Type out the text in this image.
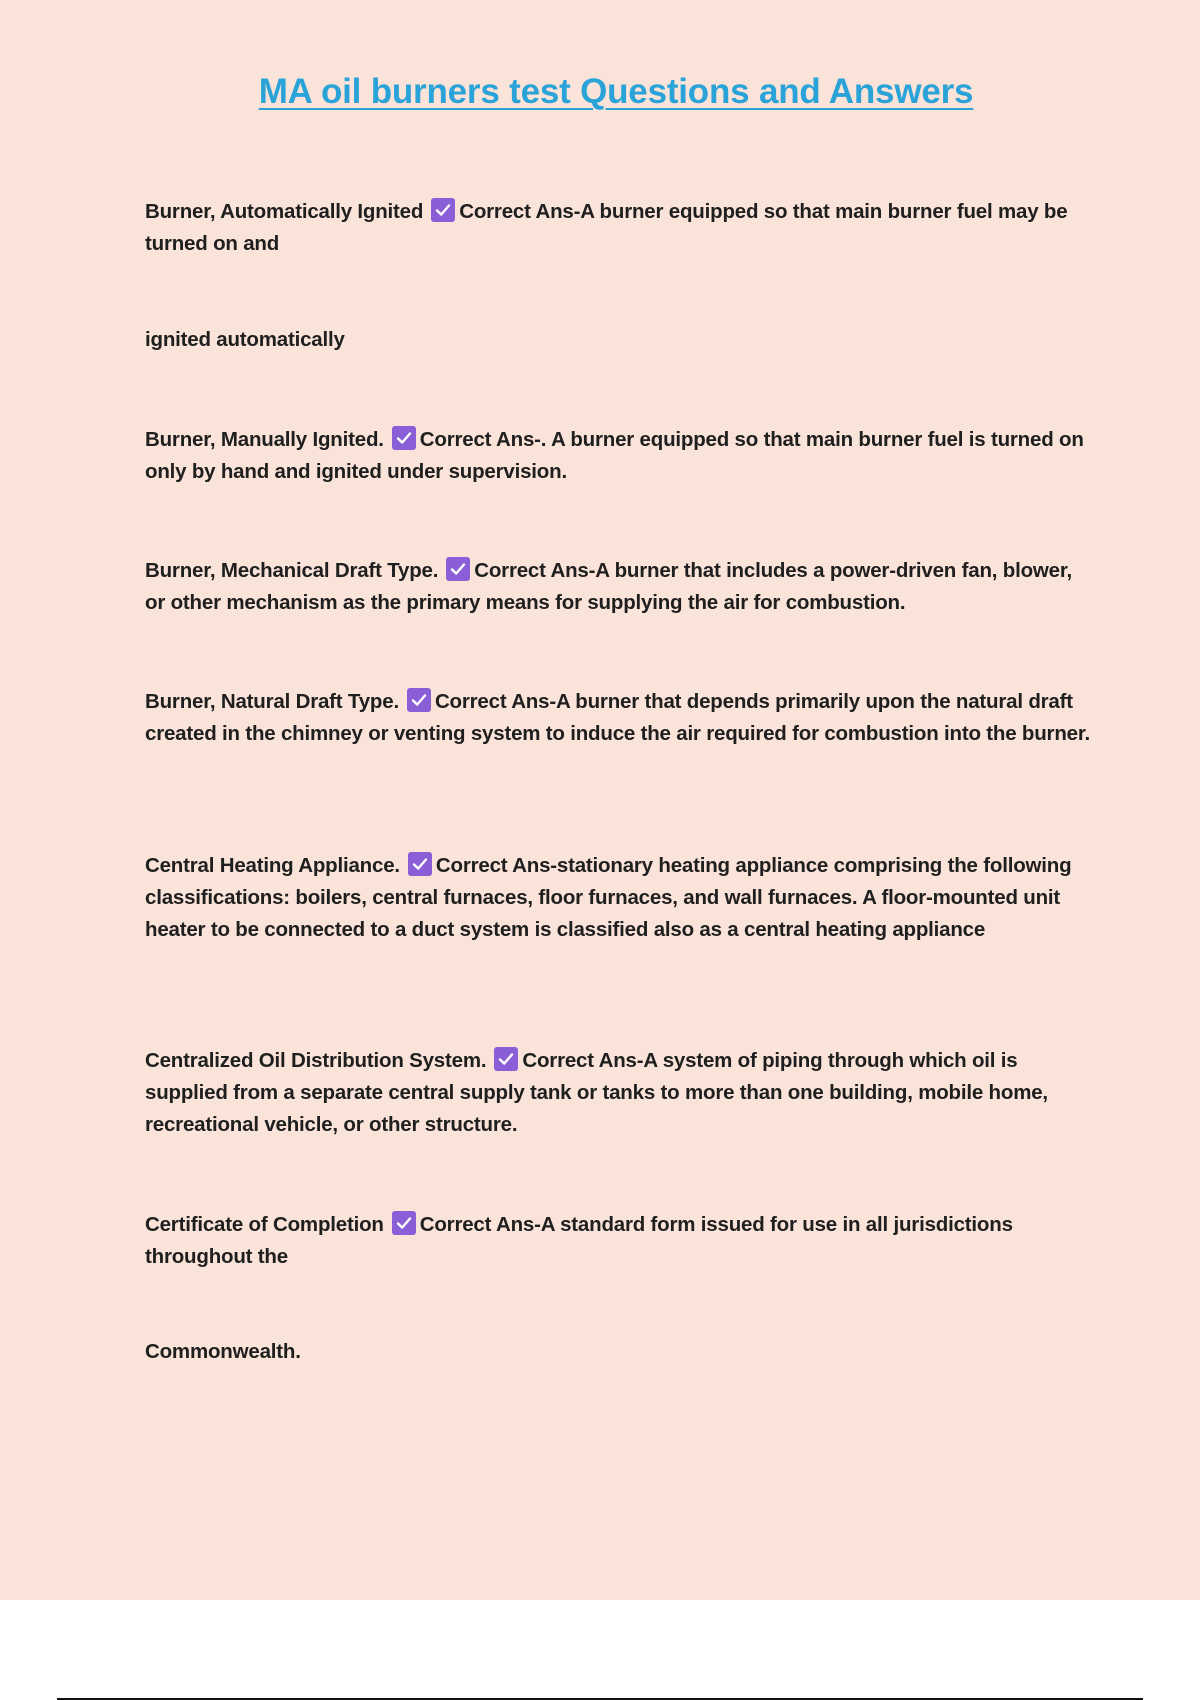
MA oil burners test Questions and Answers

Burner, Automatically Ignited Correct Ans-A burner equipped so that main burner fuel may be turned on and

ignited automatically

Burner, Manually Ignited. Correct Ans-. A burner equipped so that main burner fuel is turned on only by hand and ignited under supervision.

Burner, Mechanical Draft Type. Correct Ans-A burner that includes a power-driven fan, blower, or other mechanism as the primary means for supplying the air for combustion.

Burner, Natural Draft Type. Correct Ans-A burner that depends primarily upon the natural draft created in the chimney or venting system to induce the air required for combustion into the burner.

Central Heating Appliance. Correct Ans-stationary heating appliance comprising the following classifications: boilers, central furnaces, floor furnaces, and wall furnaces. A floor-mounted unit heater to be connected to a duct system is classified also as a central heating appliance

Centralized Oil Distribution System. Correct Ans-A system of piping through which oil is supplied from a separate central supply tank or tanks to more than one building, mobile home, recreational vehicle, or other structure.

Certificate of Completion Correct Ans-A standard form issued for use in all jurisdictions throughout the

Commonwealth.
